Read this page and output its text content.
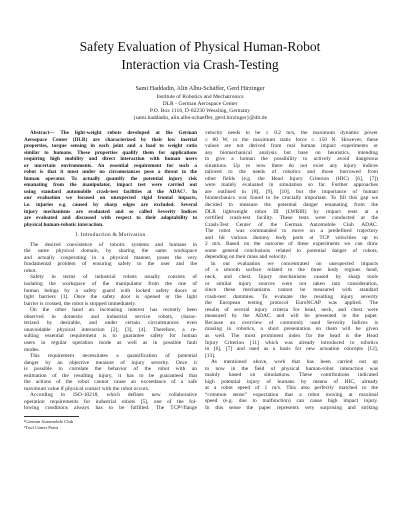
Safety Evaluation of Physical Human-Robot
Interaction via Crash-Testing
Sami Haddadin, Alin Albu-Schäffer, Gerd Hirzinger
Institute of Robotics and Mechatronics
DLR - German Aerospace Center
P.O. Box 1116, D-82230 Wessling, Germany
{sami.haddadin, alin.albu-schaeffer, gerd.hirzinger}@dlr.de
Abstract— The light-weight robots developed at the German
Aerospace Center (DLR) are characterized by their low inertial
properties, torque sensing in each joint and a load to weight ratio
similar to humans. These properties qualify them for applications
requiring high mobility and direct interaction with human users
or uncertain environments. An essential requirement for such a
robot is that it must under no circumstances pose a threat to the
human operator. To actually quantify the potential injury risk
emanating from the manipulator, impact test were carried out
using standard automobile crash-test facilities at the ADAC¹. In
our evaluation we focused on unexpected rigid frontal impacts,
i.e. injuries e.g. caused by sharp edges are excluded. Several
injury mechanisms are evaluated and so called Severity Indices
are evaluated and discussed with respect to their adaptability to
physical human-robotic interaction.
I. Introduction & Motivation
The desired coexistence of robotic systems and humans in
the same physical domain, by sharing the same workspace
and actually cooperating in a physical manner, poses the very
fundamental problem of ensuring safety to the user and the
robot.
Safety in terms of industrial robots usually consists of
isolating the workspace of the manipulator from the one of
human beings by a safety guard with locked safety doors or
light barriers [1]. Once the safety door is opened or the light
barrier is crossed, the robot is stopped immediately.
On the other hand an increasing interest has recently been
observed in domestic and industrial service robots, charac-
terized by desirable, and under certain circumstances even
unavoidable physical interaction [2], [3], [4]. Therefore, a re-
sulting essential requirement is to guarantee safety for human
users in regular operation mode as well as in possible fault
modes.
This requirement necessitates a quantification of potential
danger by an objective measure of injury severity. Once it
is possible to correlate the behavior of the robot with an
estimation of the resulting injury, it has to be guaranteed that
the actions of the robot cannot cause an exceedance of a safe
maximum value if physical contact with the robot occurs.
According to ISO-10218, which defines new collaborative
operation requirements for industrial robots [5], one of the fol-
lowing conditions always has to be fulfilled: The TCP²/flange
¹German Automobile Club
²Tool Center Point
velocity needs to be ≤ 0.2 m/s, the maximum dynamic power
≤ 80 W, or the maximum static force ≤ 150 N. However, these
values are not derived from real human impact experiments or
any biomechanical analysis but base on heuristics, intending
to give a human the possibility to actively avoid dangerous
situations. Up to now there do not exist any injury indices
tailored to the needs of robotics and those borrowed from
other fields (e.g. the Head Injury Criterion (HIC) [6], [7])
were mainly evaluated in simulation so far. Further approaches
are outlined in [8], [9], [10], but the importance of human
biomechanics was found to be crucially important. To fill this gap we
decided to measure the potential danger emanating from the
DLR lightweight robot III (LWRIII) by impact tests at a
certified crash-test facility. These tests were conducted at the
Crash-Test Center of the German Automobile Club ADAC.
The robot was commanded to move on a predefined trajectory
and hit various dummy body parts at TCP velocities up to
2 m/s. Based on the outcome of these experiments we can draw
some general conclusions related to potential danger of robots,
depending on their mass and velocity.
In our evaluation we concentrated on unexpected impacts
of a smooth surface related to the three body regions head,
neck, and chest. Injury mechanisms caused by sharp tools
or similar injury sources were not taken into consideration,
since these mechanisms cannot be measured with standard
crash-test dummies. To evaluate the resulting injury severity
the European testing protocol EuroNCAP was applied. The
results of several injury criteria for head, neck, and chest were
measured by the ADAC and will be presented in the paper.
Because an overview of commonly used Severity Indices is
missing in robotics, a short presentation on them will be given
as well. The most prominent index for the head is the Head
Injury Criterion [11] which was already introduced to robotics
in [6], [7] and used as a basis for new actuation concepts [12],
[13].
As mentioned above, work that has been carried out up
to now in the field of physical human-robot interaction was
mainly based on simulations. These contributions indicated
high potential injury of humans by means of HIC, already
at a robot speed of 1 m/s. This also perfectly matched to the
“common sense” expectation that a robot moving at maximal
speed (e.g. due to malfunction) can cause high impact injury.
In this sense the paper represents very surprising and striking
